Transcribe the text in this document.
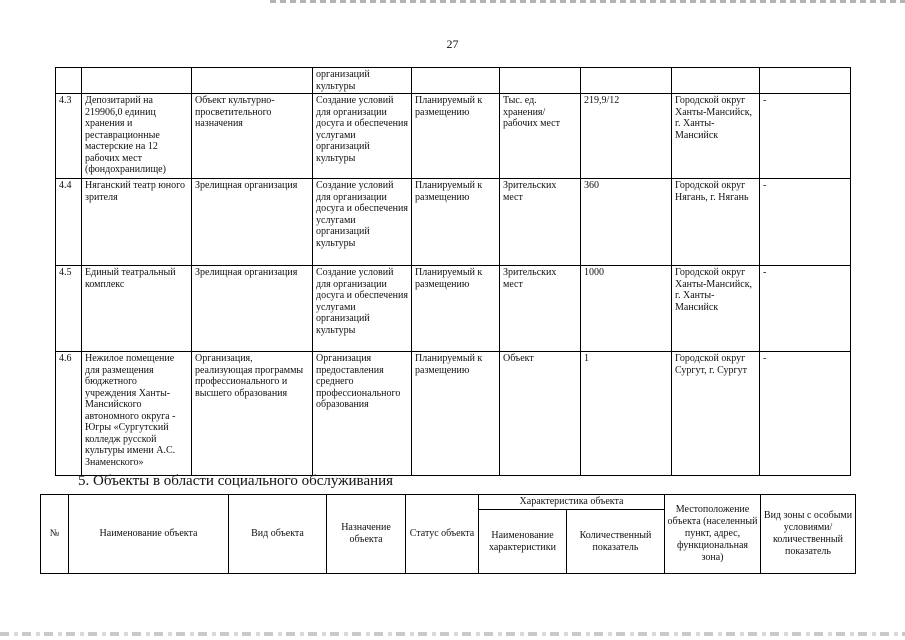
27
			организаций культуры					
4.3	Депозитарий на 219906,0 единиц хранения и реставрационные мастерские на 12 рабочих мест (фондохранилище)	Объект культурно-просветительного назначения	Создание условий для организации досуга и обеспечения услугами организаций культуры	Планируемый к размещению	Тыс. ед. хранения/ рабочих мест	219,9/12	Городской округ Ханты-Мансийск, г. Ханты-Мансийск	-
4.4	Няганский театр юного зрителя	Зрелищная организация	Создание условий для организации досуга и обеспечения услугами организаций культуры	Планируемый к размещению	Зрительских мест	360	Городской округ Нягань, г. Нягань	-
4.5	Единый театральный комплекс	Зрелищная организация	Создание условий для организации досуга и обеспечения услугами организаций культуры	Планируемый к размещению	Зрительских мест	1000	Городской округ Ханты-Мансийск, г. Ханты-Мансийск	-
4.6	Нежилое помещение для размещения бюджетного учреждения Ханты-Мансийского автономного округа - Югры «Сургутский колледж русской культуры имени А.С. Знаменского»	Организация, реализующая программы профессионального и высшего образования	Организация предоставления среднего профессионального образования	Планируемый к размещению	Объект	1	Городской округ Сургут, г. Сургут	-
5. Объекты в области социального обслуживания
№	Наименование объекта	Вид объекта	Назначение объекта	Статус объекта	Характеристика объекта		Местоположение объекта (населенный пункт, адрес, функциональная зона)	Вид зоны с особыми условиями/ количественный показатель
					Наименование характеристики	Количественный показатель		
